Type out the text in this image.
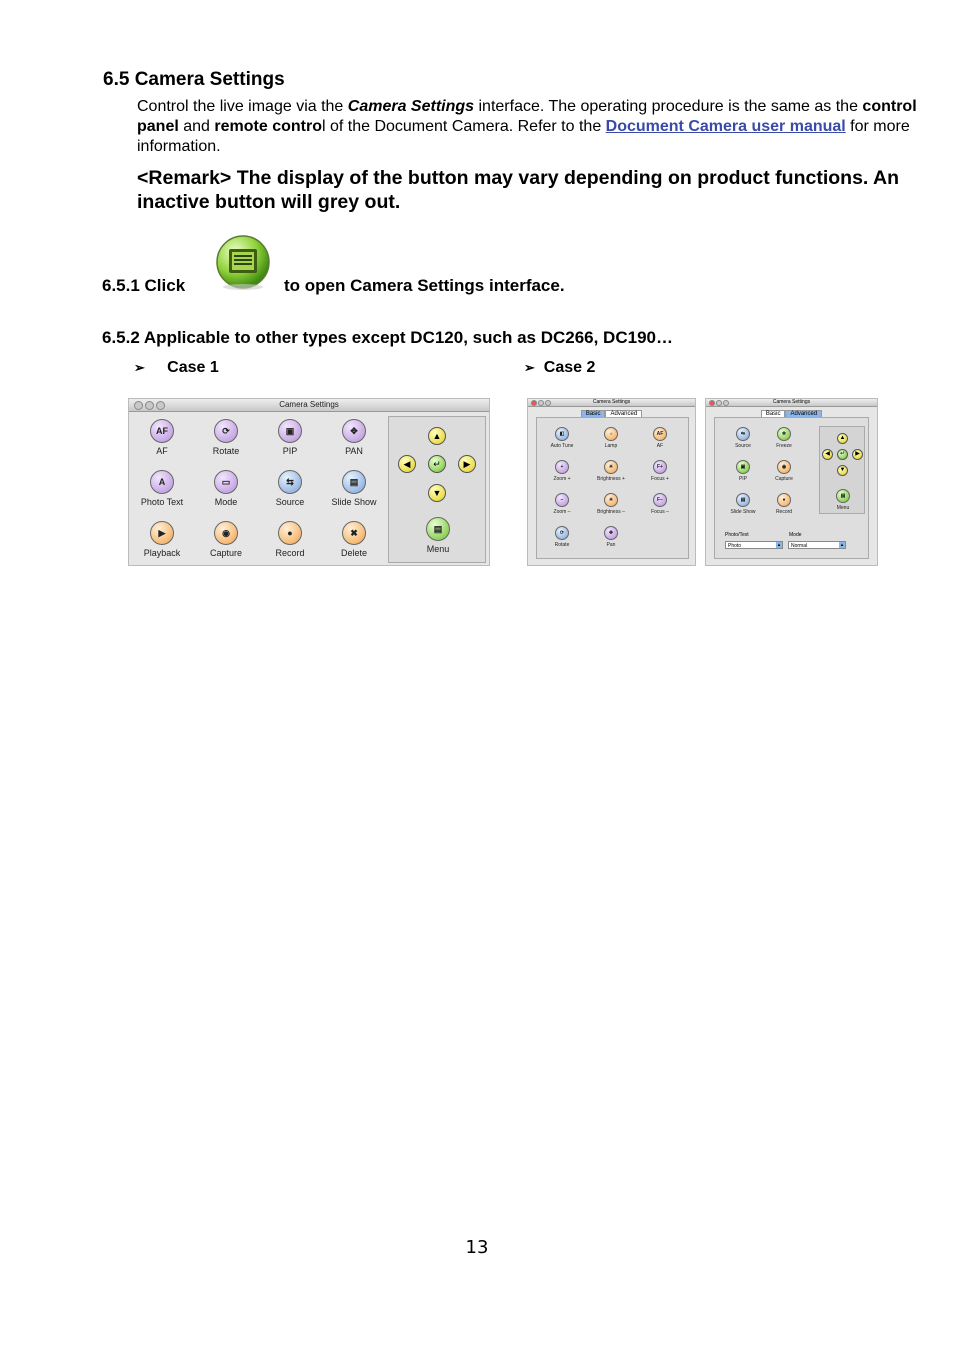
6.5 Camera Settings
Control the live image via the Camera Settings interface. The operating procedure is the same as the control panel and remote control of the Document Camera. Refer to the Document Camera user manual for more information.
<Remark> The display of the button may vary depending on product functions. An inactive button will grey out.
6.5.1 Click	to open Camera Settings interface.
6.5.2 Applicable to other types except DC120, such as DC266, DC190…
➢ Case 1	➢ Case 2
Camera Settings
AF
AF
⟳
Rotate
▣
PIP
✥
PAN
A
Photo Text
▭
Mode
⇆
Source
▤
Slide Show
▶
Playback
◉
Capture
●
Record
✖
Delete
▲
◀	↵	▶
▼
▤
Menu
Camera Settings
Basic Advanced
◧
Auto Tune
☼
Lamp
AF
AF
+
Zoom +
☀
Brightness +
F+
Focus +
−
Zoom –
☀
Brightness –
F−
Focus –
⟳
Rotate
✥
Pan
Camera Settings
Basic Advanced
⇆
Source
❄
Freeze
▣
PIP
◉
Capture
▤
Slide Show
●
Record
▲
◀	↵	▶
▼
▤
Menu
Photo/Text
Photo ▴
Mode
Normal ▴
13
